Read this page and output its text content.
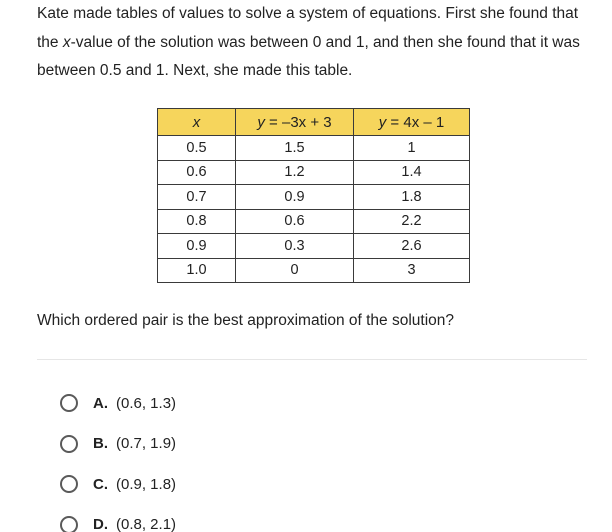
Kate made tables of values to solve a system of equations. First she found that the x-value of the solution was between 0 and 1, and then she found that it was between 0.5 and 1. Next, she made this table.

x	y = –3x + 3	y = 4x – 1
0.5	1.5	1
0.6	1.2	1.4
0.7	0.9	1.8
0.8	0.6	2.2
0.9	0.3	2.6
1.0	0	3

Which ordered pair is the best approximation of the solution?

A. (0.6, 1.3)
B. (0.7, 1.9)
C. (0.9, 1.8)
D. (0.8, 2.1)
